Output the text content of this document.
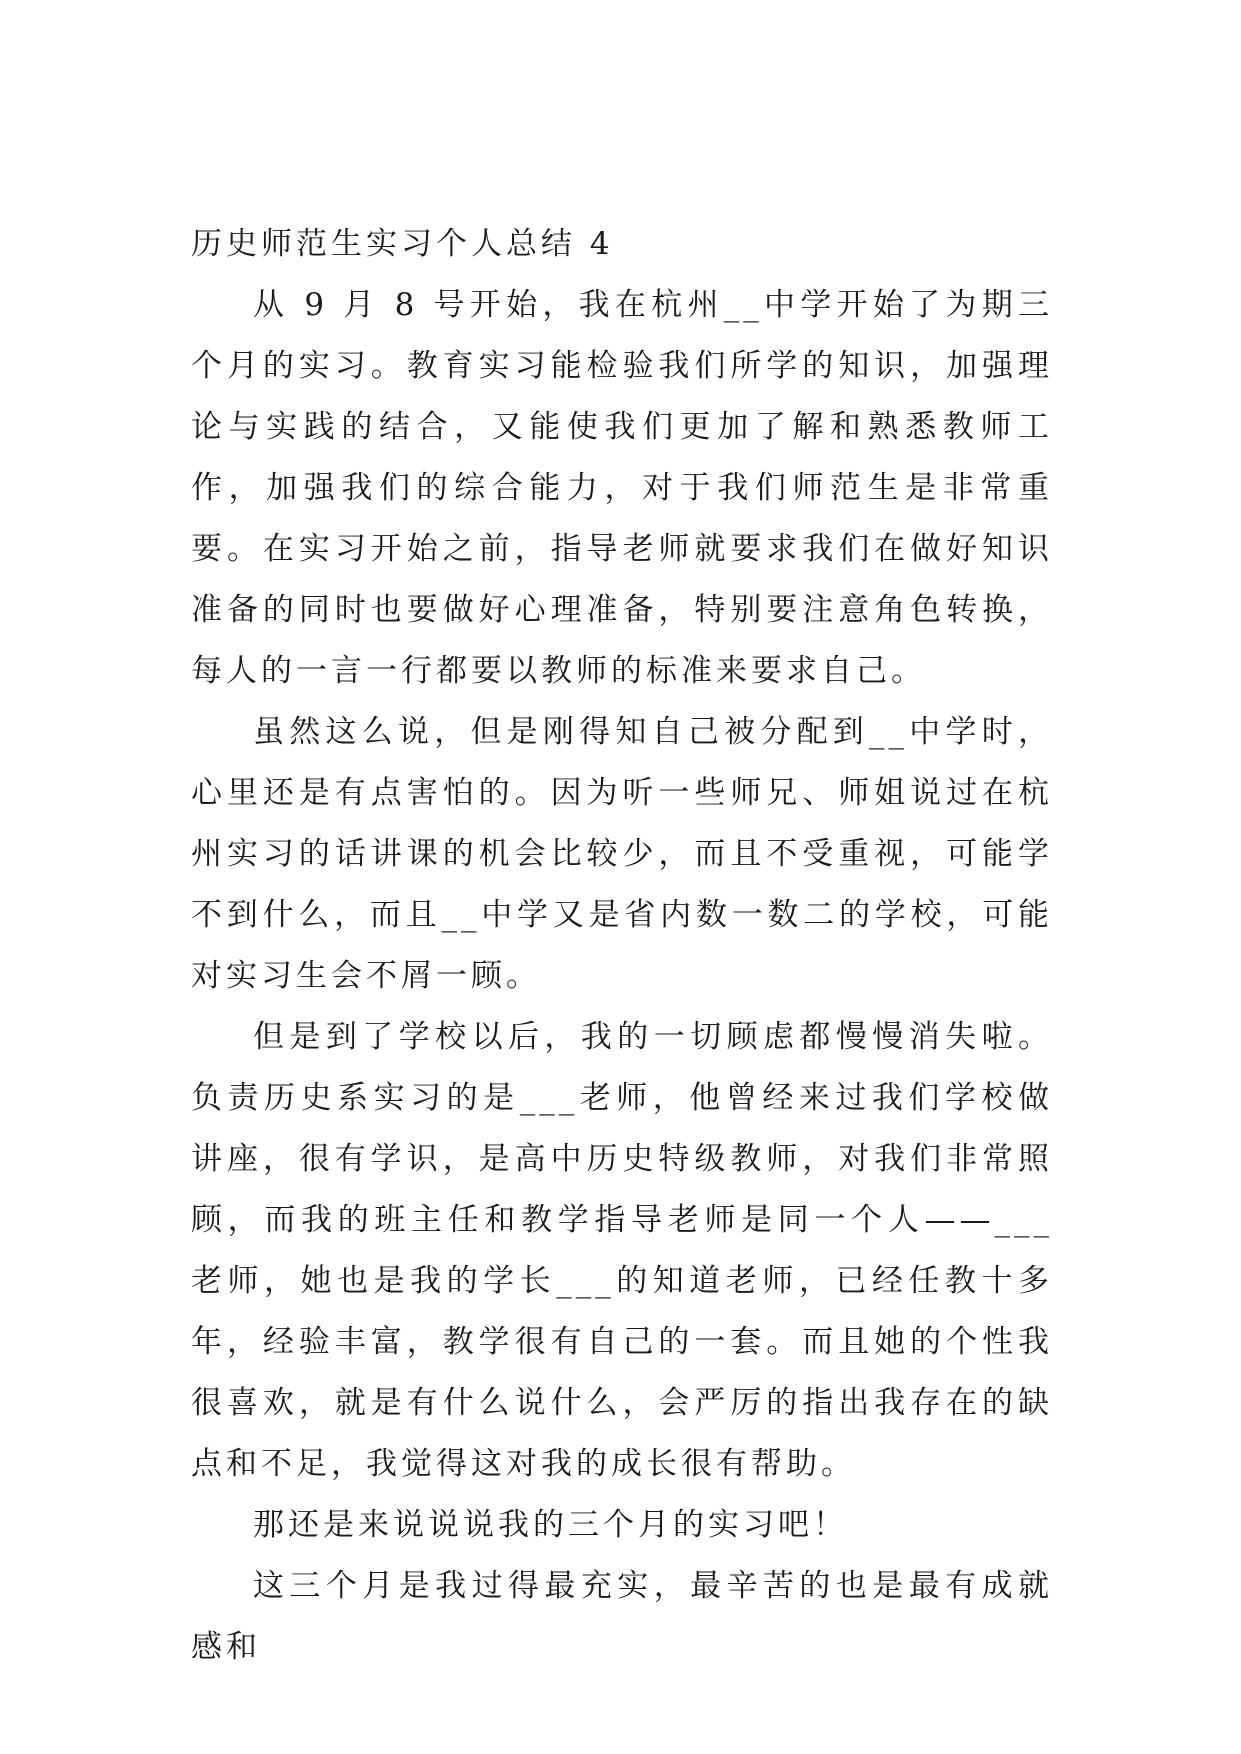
历史师范生实习个人总结 4

从 9 月 8 号开始，我在杭州__中学开始了为期三个月的实习。教育实习能检验我们所学的知识，加强理论与实践的结合，又能使我们更加了解和熟悉教师工作，加强我们的综合能力，对于我们师范生是非常重要。在实习开始之前，指导老师就要求我们在做好知识准备的同时也要做好心理准备，特别要注意角色转换，每人的一言一行都要以教师的标准来要求自己。

虽然这么说，但是刚得知自己被分配到__中学时，心里还是有点害怕的。因为听一些师兄、师姐说过在杭州实习的话讲课的机会比较少，而且不受重视，可能学不到什么，而且__中学又是省内数一数二的学校，可能对实习生会不屑一顾。

但是到了学校以后，我的一切顾虑都慢慢消失啦。负责历史系实习的是___老师，他曾经来过我们学校做讲座，很有学识，是高中历史特级教师，对我们非常照顾，而我的班主任和教学指导老师是同一个人——___老师，她也是我的学长___的知道老师，已经任教十多年，经验丰富，教学很有自己的一套。而且她的个性我很喜欢，就是有什么说什么，会严厉的指出我存在的缺点和不足，我觉得这对我的成长很有帮助。

那还是来说说说我的三个月的实习吧！

这三个月是我过得最充实，最辛苦的也是最有成就感和
